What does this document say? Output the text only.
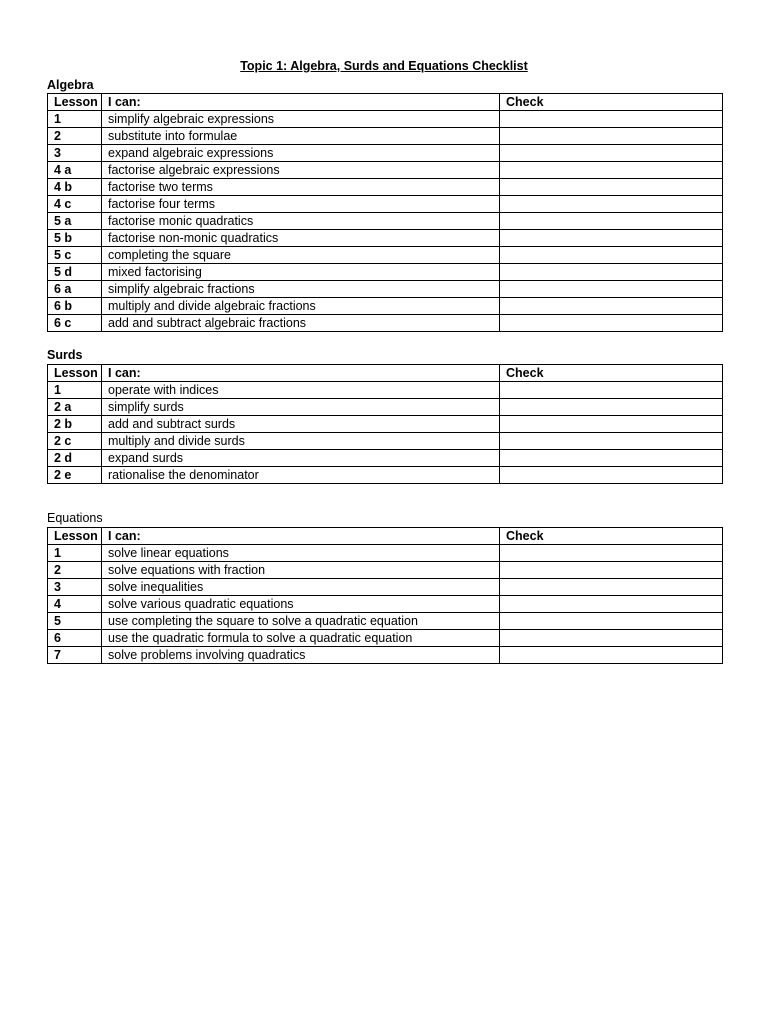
Topic 1: Algebra, Surds and Equations Checklist
Algebra
Lesson	I can:	Check
1	simplify algebraic expressions	
2	substitute into formulae	
3	expand algebraic expressions	
4 a	factorise algebraic expressions	
4 b	factorise two terms	
4 c	factorise four terms	
5 a	factorise monic quadratics	
5 b	factorise non-monic quadratics	
5 c	completing the square	
5 d	mixed factorising	
6 a	simplify algebraic fractions	
6 b	multiply and divide algebraic fractions	
6 c	add and subtract algebraic fractions	
Surds
Lesson	I can:	Check
1	operate with indices	
2 a	simplify surds	
2 b	add and subtract surds	
2 c	multiply and divide surds	
2 d	expand surds	
2 e	rationalise the denominator	
Equations
Lesson	I can:	Check
1	solve linear equations	
2	solve equations with fraction	
3	solve inequalities	
4	solve various quadratic equations	
5	use completing the square to solve a quadratic equation	
6	use the quadratic formula to solve a quadratic equation	
7	solve problems involving quadratics	
